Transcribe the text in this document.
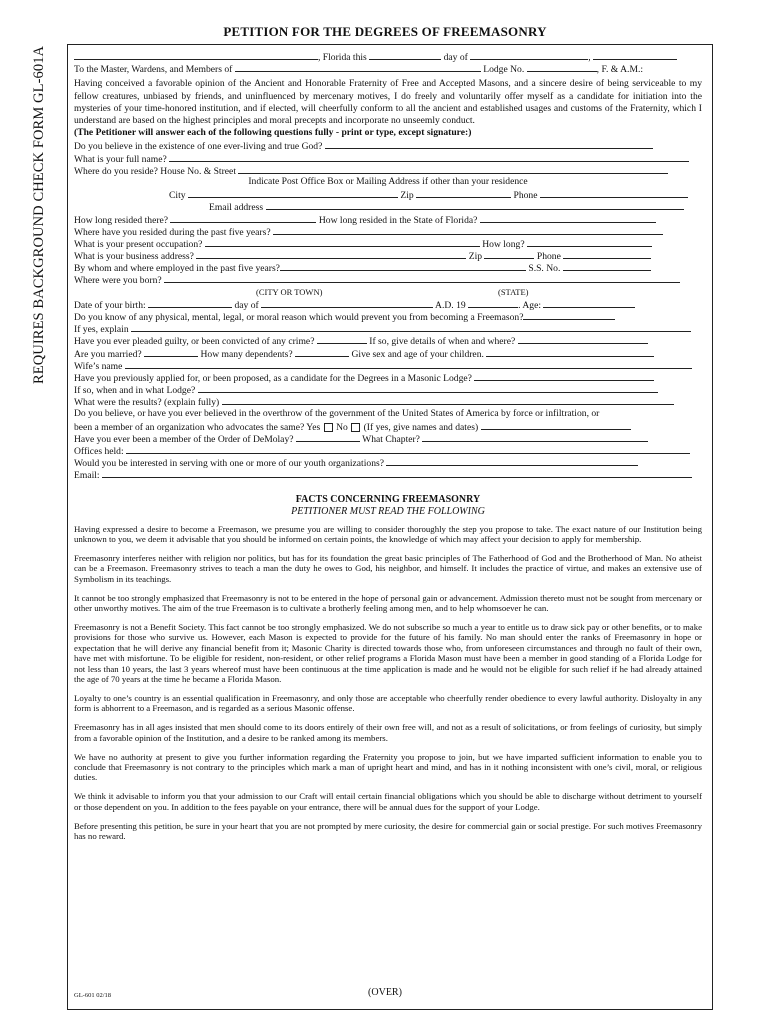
PETITION FOR THE DEGREES OF FREEMASONRY
REQUIRES BACKGROUND CHECK FORM GL-601A	, Florida this	day of	,
To the Master, Wardens, and Members of	Lodge No.	, F. & A.M.:

Having conceived a favorable opinion of the Ancient and Honorable Fraternity of Free and Accepted Masons, and a sincere desire of being serviceable to my fellow creatures, unbiased by friends, and uninfluenced by mercenary motives, I do freely and voluntarily offer myself as a candidate for initiation into the mysteries of your time-honored institution, and if elected, will cheerfully conform to all the ancient and established usages and customs of the Fraternity, which I understand are based on the highest principles and moral precepts and incorporate no unseemly conduct.

(The Petitioner will answer each of the following questions fully - print or type, except signature:)
Do you believe in the existence of one ever-living and true God?
What is your full name?
Where do you reside? House No. & Street
Indicate Post Office Box or Mailing Address if other than your residence
City	Zip	Phone
Email address
How long resided there?	How long resided in the State of Florida?
Where have you resided during the past five years?
What is your present occupation?	How long?
What is your business address?	Zip	Phone
By whom and where employed in the past five years?	S.S. No.
Where were you born?
(CITY OR TOWN)	(STATE)
Date of your birth:	day of	A.D. 19	. Age:
Do you know of any physical, mental, legal, or moral reason which would prevent you from becoming a Freemason?
If yes, explain
Have you ever pleaded guilty, or been convicted of any crime?	If so, give details of when and where?
Are you married?	How many dependents?	Give sex and age of your children.
Wife’s name
Have you previously applied for, or been proposed, as a candidate for the Degrees in a Masonic Lodge?
If so, when and in what Lodge?
What were the results? (explain fully)
Do you believe, or have you ever believed in the overthrow of the government of the United States of America by force or infiltration, or
been a member of an organization who advocates the same? Yes No (If yes, give names and dates)
Have you ever been a member of the Order of DeMolay?	What Chapter?
Offices held:
Would you be interested in serving with one or more of our youth organizations?
Email:
FACTS CONCERNING FREEMASONRY
PETITIONER MUST READ THE FOLLOWING

Having expressed a desire to become a Freemason, we presume you are willing to consider thoroughly the step you propose to take. The exact nature of our Institution being unknown to you, we deem it advisable that you should be informed on certain points, the knowledge of which may affect your decision to apply for membership.

Freemasonry interferes neither with religion nor politics, but has for its foundation the great basic principles of The Fatherhood of God and the Brotherhood of Man. No atheist can be a Freemason. Freemasonry strives to teach a man the duty he owes to God, his neighbor, and himself. It includes the practice of virtue, and makes an extensive use of Symbolism in its teachings.

It cannot be too strongly emphasized that Freemasonry is not to be entered in the hope of personal gain or advancement. Admission thereto must not be sought from mercenary or other unworthy motives. The aim of the true Freemason is to cultivate a brotherly feeling among men, and to help whomsoever he can.

Freemasonry is not a Benefit Society. This fact cannot be too strongly emphasized. We do not subscribe so much a year to entitle us to draw sick pay or other benefits, or to make provisions for those who survive us. However, each Mason is expected to provide for the future of his family. No man should enter the ranks of Freemasonry in hope or expectation that he will derive any financial benefit from it; Masonic Charity is directed towards those who, from unforeseen circumstances and through no fault of their own, have met with misfortune. To be eligible for resident, non-resident, or other relief programs a Florida Mason must have been a member in good standing of a Florida Lodge for not less than 10 years, the last 3 years whereof must have been continuous at the time application is made and he would not be eligible for such relief if he had already attained the age of 70 years at the time he became a Florida Mason.

Loyalty to one’s country is an essential qualification in Freemasonry, and only those are acceptable who cheerfully render obedience to every lawful authority. Disloyalty in any form is abhorrent to a Freemason, and is regarded as a serious Masonic offense.

Freemasonry has in all ages insisted that men should come to its doors entirely of their own free will, and not as a result of solicitations, or from feelings of curiosity, but simply from a favorable opinion of the Institution, and a desire to be ranked among its members.

We have no authority at present to give you further information regarding the Fraternity you propose to join, but we have imparted sufficient information to enable you to conclude that Freemasonry is not contrary to the principles which mark a man of upright heart and mind, and has in it nothing inconsistent with one’s civil, moral, or religious duties.

We think it advisable to inform you that your admission to our Craft will entail certain financial obligations which you should be able to discharge without detriment to yourself or those dependent on you. In addition to the fees payable on your entrance, there will be annual dues for the support of your Lodge.

Before presenting this petition, be sure in your heart that you are not prompted by mere curiosity, the desire for commercial gain or social prestige. For such motives Freemasonry has no reward.

GL-601 02/18	(OVER)
